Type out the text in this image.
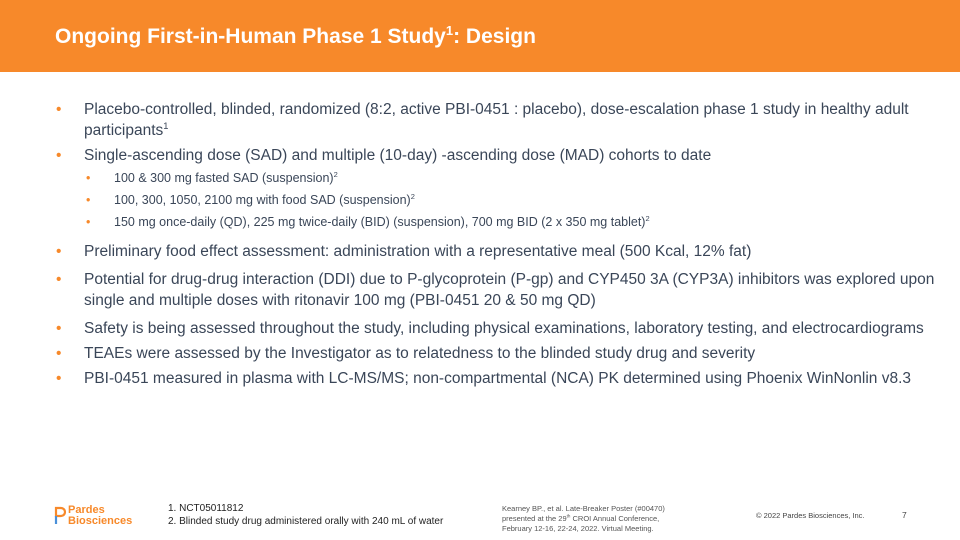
Ongoing First-in-Human Phase 1 Study$^1$: Design
• Placebo-controlled, blinded, randomized (8:2, active PBI-0451 : placebo), dose-escalation phase 1 study in healthy adult participants$^1$
• Single-ascending dose (SAD) and multiple (10-day) -ascending dose (MAD) cohorts to date
• 100 & 300 mg fasted SAD (suspension)$^2$
• 100, 300, 1050, 2100 mg with food SAD (suspension)$^2$
• 150 mg once-daily (QD), 225 mg twice-daily (BID) (suspension), 700 mg BID (2 x 350 mg tablet)$^2$
• Preliminary food effect assessment: administration with a representative meal (500 Kcal, 12% fat)
• Potential for drug-drug interaction (DDI) due to P-glycoprotein (P-gp) and CYP450 3A (CYP3A) inhibitors was explored upon single and multiple doses with ritonavir 100 mg (PBI-0451 20 & 50 mg QD)
• Safety is being assessed throughout the study, including physical examinations, laboratory testing, and electrocardiograms
• TEAEs were assessed by the Investigator as to relatedness to the blinded study drug and severity
• PBI-0451 measured in plasma with LC-MS/MS; non-compartmental (NCA) PK determined using Phoenix WinNonlin v8.3
Pardes
Biosciences
1. NCT05011812
2. Blinded study drug administered orally with 240 mL of water
Kearney BP., et al. Late-Breaker Poster (#00470)
presented at the 29th CROI Annual Conference,
February 12-16, 22-24, 2022. Virtual Meeting.
© 2022 Pardes Biosciences, Inc.	7
